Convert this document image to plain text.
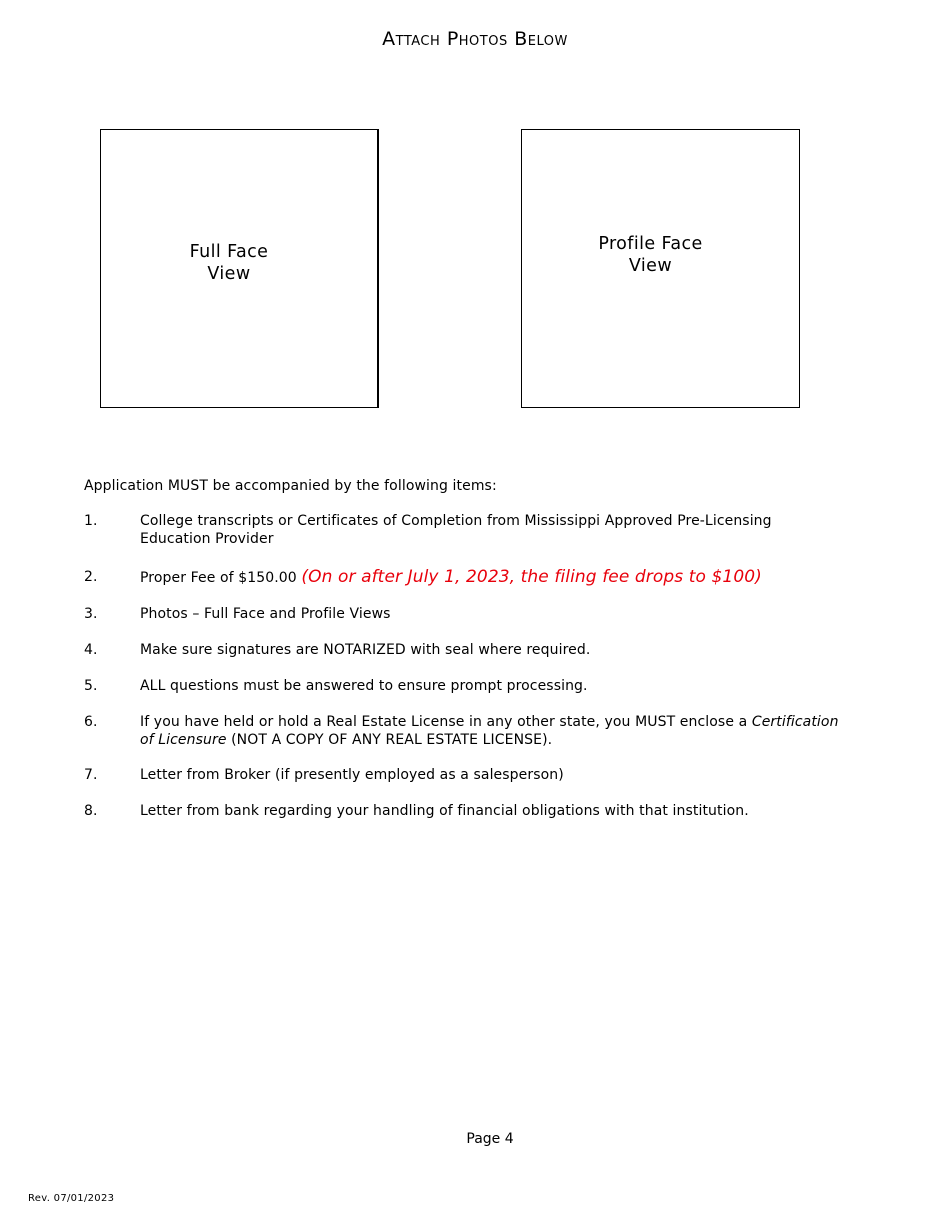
Attach Photos Below
Full Face
View
Profile Face
View
Application MUST be accompanied by the following items:
1.	College transcripts or Certificates of Completion from Mississippi Approved Pre-Licensing Education Provider
2.	Proper Fee of $150.00 (On or after July 1, 2023, the filing fee drops to $100)
3.	Photos – Full Face and Profile Views
4.	Make sure signatures are NOTARIZED with seal where required.
5.	ALL questions must be answered to ensure prompt processing.
6.	If you have held or hold a Real Estate License in any other state, you MUST enclose a Certification of Licensure (NOT A COPY OF ANY REAL ESTATE LICENSE).
7.	Letter from Broker (if presently employed as a salesperson)
8.	Letter from bank regarding your handling of financial obligations with that institution.
Page 4
Rev. 07/01/2023
